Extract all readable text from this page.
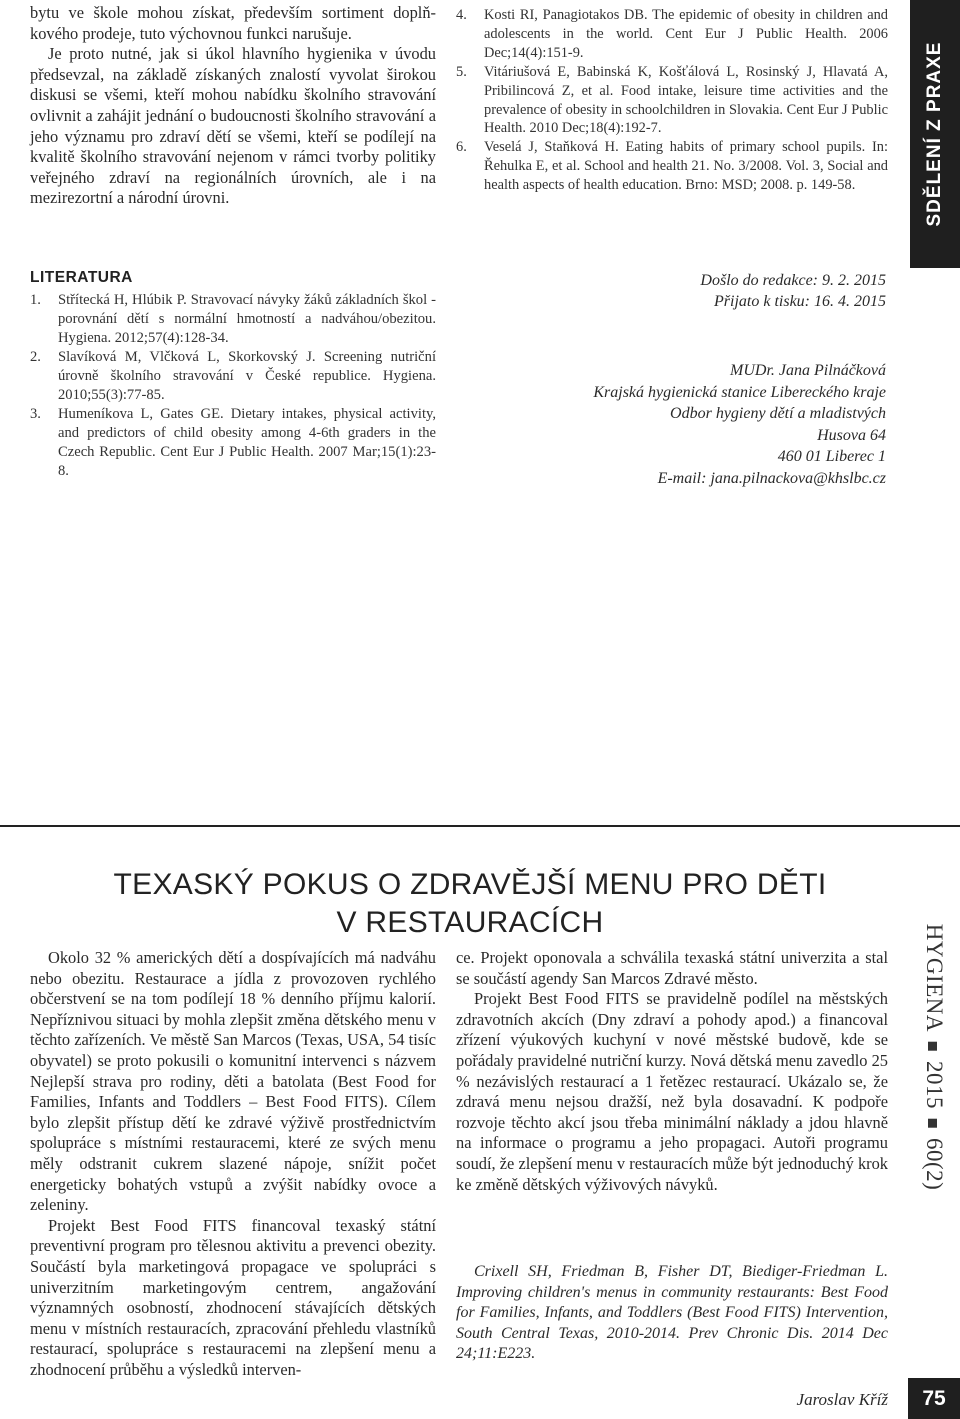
bytu ve škole mohou získat, především sortiment doplňkového prodeje, tuto výchovnou funkci narušuje.

Je proto nutné, jak si úkol hlavního hygienika v úvodu předsevzal, na základě získaných znalostí vyvolat širokou diskusi se všemi, kteří mohou nabídku školního stravování ovlivnit a zahájit jednání o budoucnosti školního stravování a jeho významu pro zdraví dětí se všemi, kteří se podílejí na kvalitě školního stravování nejenom v rámci tvorby politiky veřejného zdraví na regionálních úrovních, ale i na mezirezortní a národní úrovni.

4. Kosti RI, Panagiotakos DB. The epidemic of obesity in children and adolescents in the world. Cent Eur J Public Health. 2006 Dec;14(4):151-9.
5. Vitáriušová E, Babinská K, Košťálová L, Rosinský J, Hlavatá A, Pribilincová Z, et al. Food intake, leisure time activities and the prevalence of obesity in schoolchildren in Slovakia. Cent Eur J Public Health. 2010 Dec;18(4):192-7.
6. Veselá J, Staňková H. Eating habits of primary school pupils. In: Řehulka E, et al. School and health 21. No. 3/2008. Vol. 3, Social and health aspects of health education. Brno: MSD; 2008. p. 149-58.	SDĚLENÍ Z PRAXE
LITERATURA
1. Střítecká H, Hlúbik P. Stravovací návyky žáků základních škol - porovnání dětí s normální hmotností a nadváhou/obezitou. Hygiena. 2012;57(4):128-34.
2. Slavíková M, Vlčková L, Skorkovský J. Screening nutriční úrovně školního stravování v České republice. Hygiena. 2010;55(3):77-85.
3. Humeníkova L, Gates GE. Dietary intakes, physical activity, and predictors of child obesity among 4-6th graders in the Czech Republic. Cent Eur J Public Health. 2007 Mar;15(1):23-8.
Došlo do redakce: 9. 2. 2015
Přijato k tisku: 16. 4. 2015
MUDr. Jana Pilnáčková
Krajská hygienická stanice Libereckého kraje
Odbor hygieny dětí a mladistvých
Husova 64
460 01 Liberec 1
E-mail: jana.pilnackova@khslbc.cz
TEXASKÝ POKUS O ZDRAVĚJŠÍ MENU PRO DĚTI
V RESTAURACÍCH
HYGIENA201560(2)

Okolo 32 % amerických dětí a dospívajících má nadváhu nebo obezitu. Restaurace a jídla z provozoven rychlého občerstvení se na tom podílejí 18 % denního příjmu kalorií. Nepříznivou situaci by mohla zlepšit změna dětského menu v těchto zařízeních. Ve městě San Marcos (Texas, USA, 54 tisíc obyvatel) se proto pokusili o komunitní intervenci s názvem Nejlepší strava pro rodiny, děti a batolata (Best Food for Families, Infants and Toddlers – Best Food FITS). Cílem bylo zlepšit přístup dětí ke zdravé výživě prostřednictvím spolupráce s místními restauracemi, které ze svých menu měly odstranit cukrem slazené nápoje, snížit počet energeticky bohatých vstupů a zvýšit nabídky ovoce a zeleniny.

Projekt Best Food FITS financoval texaský státní preventivní program pro tělesnou aktivitu a prevenci obezity. Součástí byla marketingová propagace ve spolupráci s univerzitním marketingovým centrem, angažování významných osobností, zhodnocení stávajících dětských menu v místních restauracích, zpracování přehledu vlastníků restaurací, spolupráce s restauracemi na zlepšení menu a zhodnocení průběhu a výsledků interven-

ce. Projekt oponovala a schválila texaská státní univerzita a stal se součástí agendy San Marcos Zdravé město.

Projekt Best Food FITS se pravidelně podílel na městských zdravotních akcích (Dny zdraví a pohody apod.) a financoval zřízení výukových kuchyní v nové městské budově, kde se pořádaly pravidelné nutriční kurzy. Nová dětská menu zavedlo 25 % nezávislých restaurací a 1 řetězec restaurací. Ukázalo se, že zdravá menu nejsou dražší, než byla dosavadní. K podpoře rozvoje těchto akcí jsou třeba minimální náklady a jdou hlavně na informace o programu a jeho propagaci. Autoři programu soudí, že zlepšení menu v restauracích může být jednoduchý krok ke změně dětských výživových návyků.

Crixell SH, Friedman B, Fisher DT, Biediger-Friedman L. Improving children's menus in community restaurants: Best Food for Families, Infants, and Toddlers (Best Food FITS) Intervention, South Central Texas, 2010-2014. Prev Chronic Dis. 2014 Dec 24;11:E223.
Jaroslav Kříž	75
